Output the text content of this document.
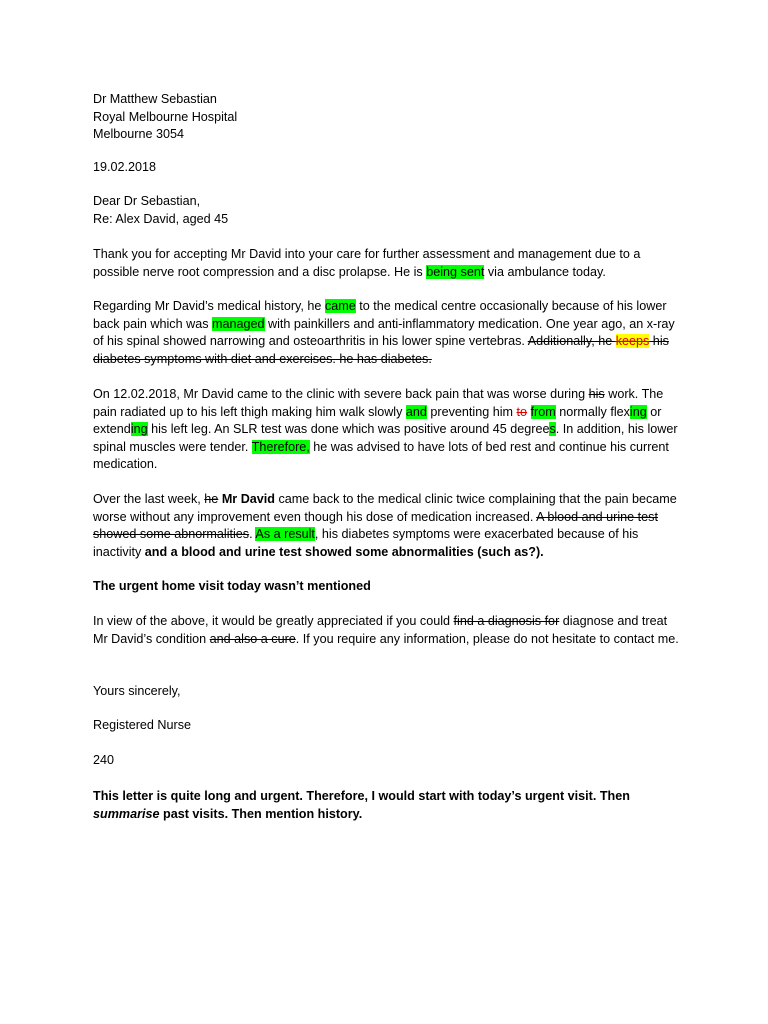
Dr Matthew Sebastian
Royal Melbourne Hospital
Melbourne 3054
19.02.2018
Dear Dr Sebastian,
Re: Alex David, aged 45

Thank you for accepting Mr David into your care for further assessment and management due to a possible nerve root compression and a disc prolapse. He is being sent via ambulance today.

Regarding Mr David’s medical history, he came to the medical centre occasionally because of his lower back pain which was managed with painkillers and anti-inflammatory medication. One year ago, an x-ray of his spinal showed narrowing and osteoarthritis in his lower spine vertebras. Additionally, he keeps his diabetes symptoms with diet and exercises. he has diabetes.

On 12.02.2018, Mr David came to the clinic with severe back pain that was worse during his work. The pain radiated up to his left thigh making him walk slowly and preventing him to from normally flexing or extending his left leg. An SLR test was done which was positive around 45 degrees. In addition, his lower spinal muscles were tender. Therefore, he was advised to have lots of bed rest and continue his current medication.

Over the last week, he Mr David came back to the medical clinic twice complaining that the pain became worse without any improvement even though his dose of medication increased. A blood and urine test showed some abnormalities. As a result, his diabetes symptoms were exacerbated because of his inactivity and a blood and urine test showed some abnormalities (such as?).

The urgent home visit today wasn’t mentioned

In view of the above, it would be greatly appreciated if you could find a diagnosis for diagnose and treat Mr David’s condition and also a cure. If you require any information, please do not hesitate to contact me.

Yours sincerely,

Registered Nurse

240

This letter is quite long and urgent. Therefore, I would start with today’s urgent visit. Then summarise past visits. Then mention history.
